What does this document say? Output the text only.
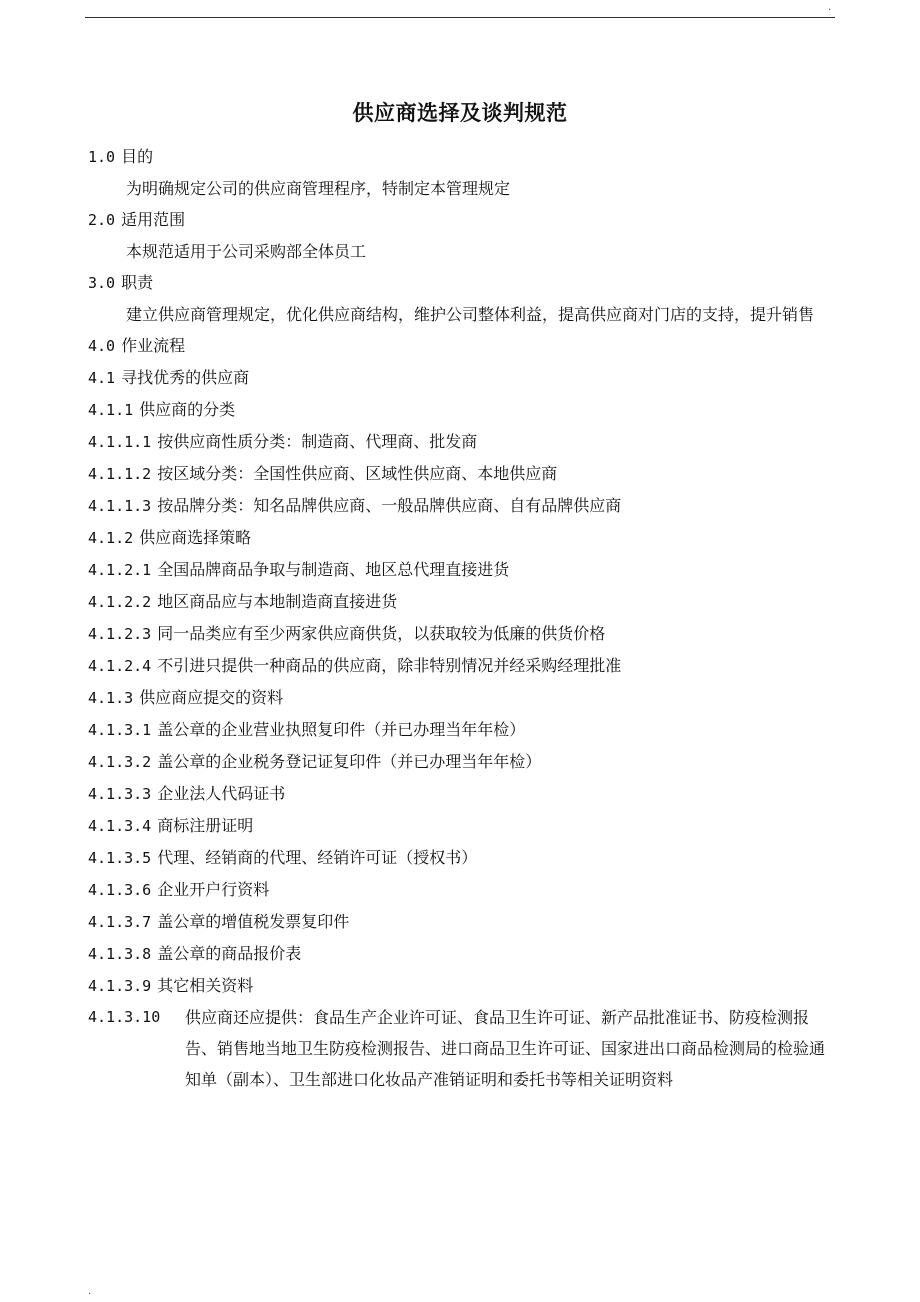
.
供应商选择及谈判规范
1.0 目的
为明确规定公司的供应商管理程序，特制定本管理规定
2.0 适用范围
本规范适用于公司采购部全体员工
3.0 职责
建立供应商管理规定，优化供应商结构，维护公司整体利益，提高供应商对门店的支持，提升销售
4.0 作业流程
4.1 寻找优秀的供应商
4.1.1 供应商的分类
4.1.1.1 按供应商性质分类：制造商、代理商、批发商
4.1.1.2 按区域分类：全国性供应商、区域性供应商、本地供应商
4.1.1.3 按品牌分类：知名品牌供应商、一般品牌供应商、自有品牌供应商
4.1.2 供应商选择策略
4.1.2.1 全国品牌商品争取与制造商、地区总代理直接进货
4.1.2.2 地区商品应与本地制造商直接进货
4.1.2.3 同一品类应有至少两家供应商供货，以获取较为低廉的供货价格
4.1.2.4 不引进只提供一种商品的供应商，除非特别情况并经采购经理批准
4.1.3 供应商应提交的资料
4.1.3.1 盖公章的企业营业执照复印件（并已办理当年年检）
4.1.3.2 盖公章的企业税务登记证复印件（并已办理当年年检）
4.1.3.3 企业法人代码证书
4.1.3.4 商标注册证明
4.1.3.5 代理、经销商的代理、经销许可证（授权书）
4.1.3.6 企业开户行资料
4.1.3.7 盖公章的增值税发票复印件
4.1.3.8 盖公章的商品报价表
4.1.3.9 其它相关资料
4.1.3.10	供应商还应提供：食品生产企业许可证、食品卫生许可证、新产品批准证书、防疫检测报告、销售地当地卫生防疫检测报告、进口商品卫生许可证、国家进出口商品检测局的检验通知单（副本）、卫生部进口化妆品产准销证明和委托书等相关证明资料
.
